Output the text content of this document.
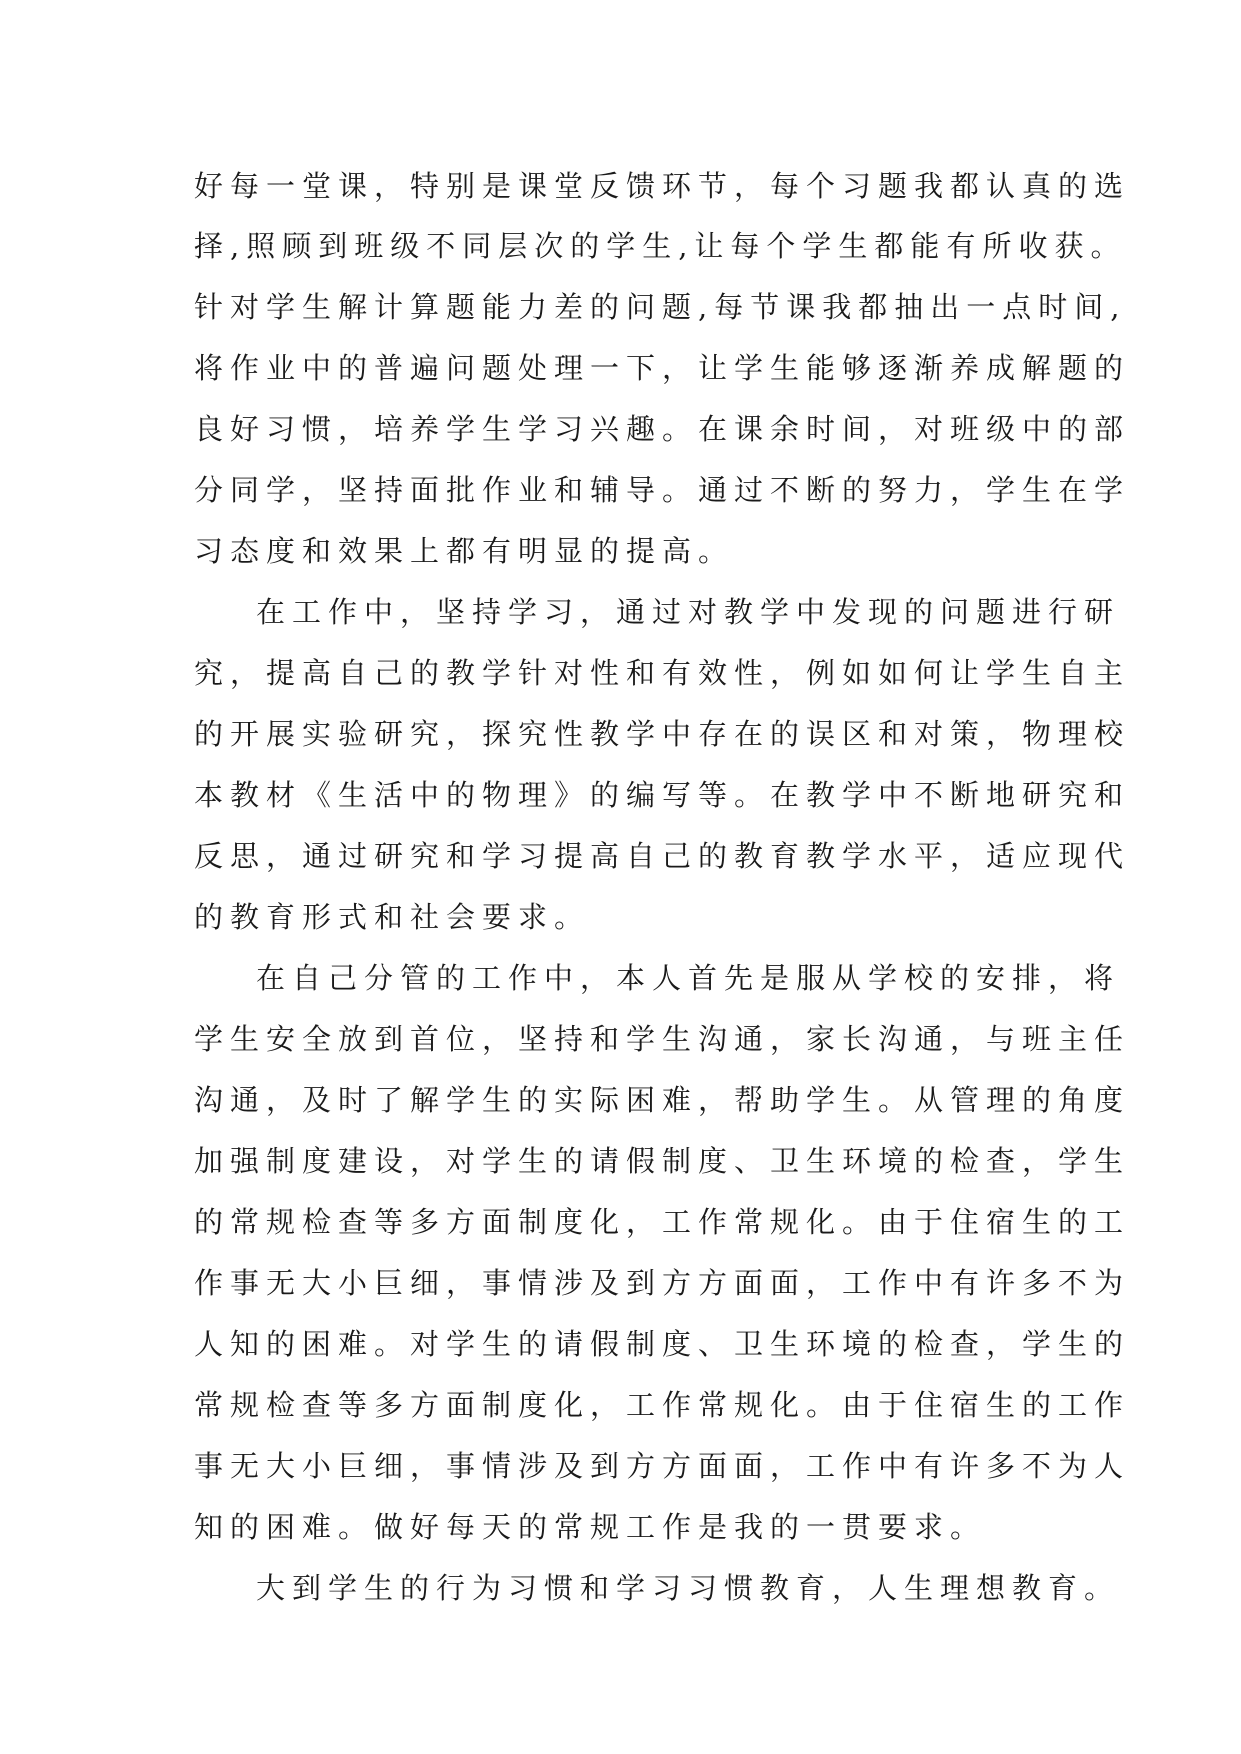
好每一堂课，特别是课堂反馈环节，每个习题我都认真的选

择,照顾到班级不同层次的学生,让每个学生都能有所收获。

针对学生解计算题能力差的问题,每节课我都抽出一点时间,

将作业中的普遍问题处理一下，让学生能够逐渐养成解题的

良好习惯，培养学生学习兴趣。在课余时间，对班级中的部

分同学，坚持面批作业和辅导。通过不断的努力，学生在学

习态度和效果上都有明显的提高。

在工作中，坚持学习，通过对教学中发现的问题进行研

究，提高自己的教学针对性和有效性，例如如何让学生自主

的开展实验研究，探究性教学中存在的误区和对策，物理校

本教材《生活中的物理》的编写等。在教学中不断地研究和

反思，通过研究和学习提高自己的教育教学水平，适应现代

的教育形式和社会要求。

在自己分管的工作中，本人首先是服从学校的安排，将

学生安全放到首位，坚持和学生沟通，家长沟通，与班主任

沟通，及时了解学生的实际困难，帮助学生。从管理的角度

加强制度建设，对学生的请假制度、卫生环境的检查，学生

的常规检查等多方面制度化，工作常规化。由于住宿生的工

作事无大小巨细，事情涉及到方方面面，工作中有许多不为

人知的困难。对学生的请假制度、卫生环境的检查，学生的

常规检查等多方面制度化，工作常规化。由于住宿生的工作

事无大小巨细，事情涉及到方方面面，工作中有许多不为人

知的困难。做好每天的常规工作是我的一贯要求。

大到学生的行为习惯和学习习惯教育，人生理想教育。
